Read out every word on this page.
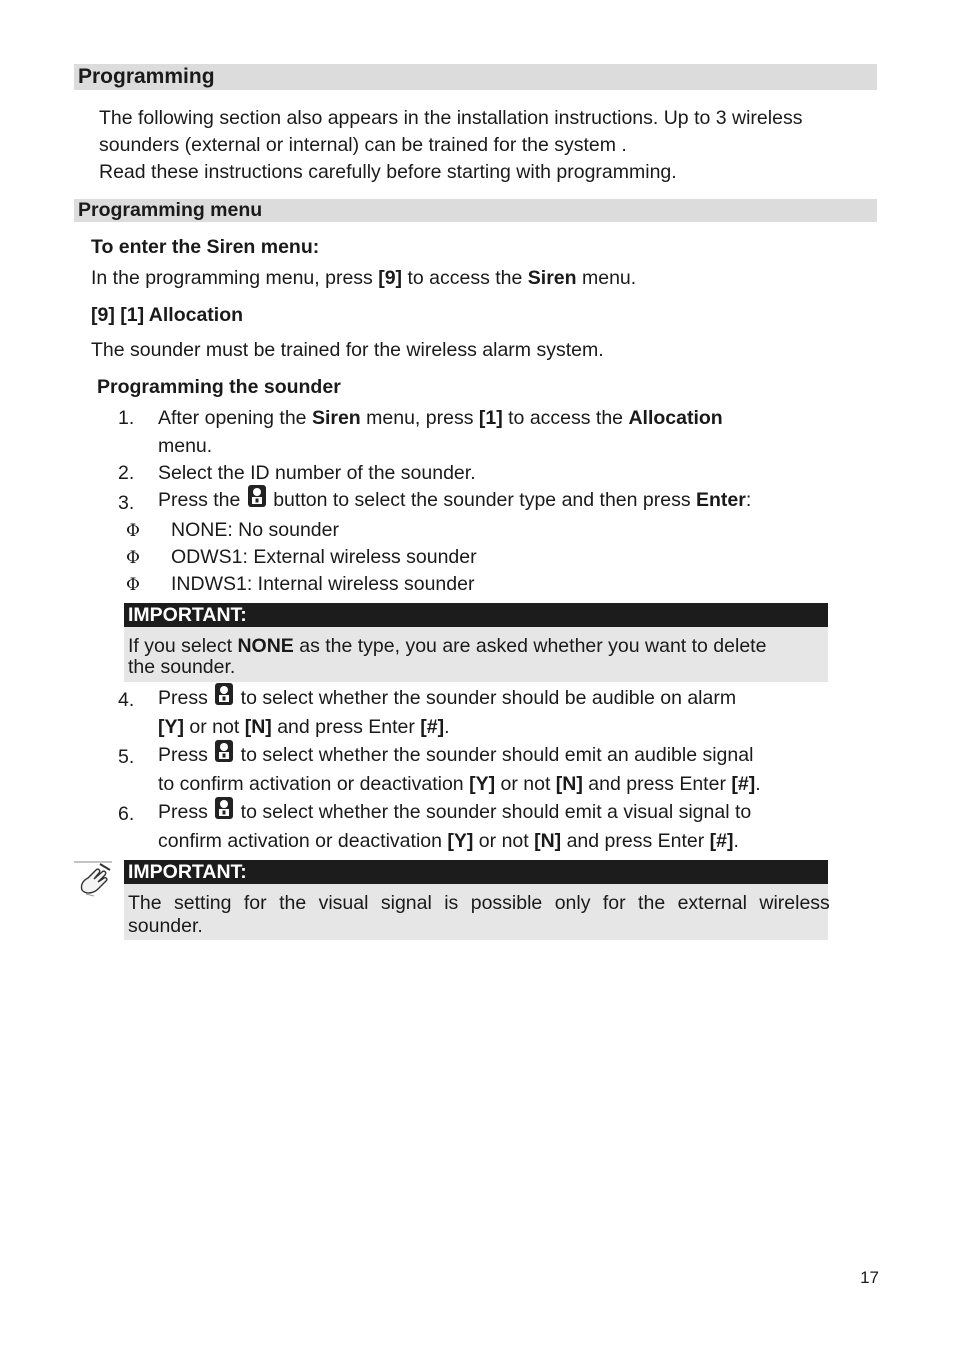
Programming
The following section also appears in the installation instructions. Up to 3 wireless
sounders (external or internal) can be trained for the system .
Read these instructions carefully before starting with programming.
Programming menu
To enter the Siren menu:
In the programming menu, press [9] to access the Siren menu.
[9] [1] Allocation
The sounder must be trained for the wireless alarm system.
Programming the sounder
1. After opening the Siren menu, press [1] to access the Allocation
menu.
2. Select the ID number of the sounder.
3. Press the  button to select the sounder type and then press Enter:
Φ NONE: No sounder
Φ ODWS1: External wireless sounder
Φ INDWS1: Internal wireless sounder
IMPORTANT:
If you select NONE as the type, you are asked whether you want to delete
the sounder.
4. Press  to select whether the sounder should be audible on alarm
[Y] or not [N] and press Enter [#].
5. Press  to select whether the sounder should emit an audible signal
to confirm activation or deactivation [Y] or not [N] and press Enter [#].
6. Press  to select whether the sounder should emit a visual signal to
confirm activation or deactivation [Y] or not [N] and press Enter [#].
IMPORTANT:
The setting for the visual signal is possible only for the external wireless
sounder.
17
